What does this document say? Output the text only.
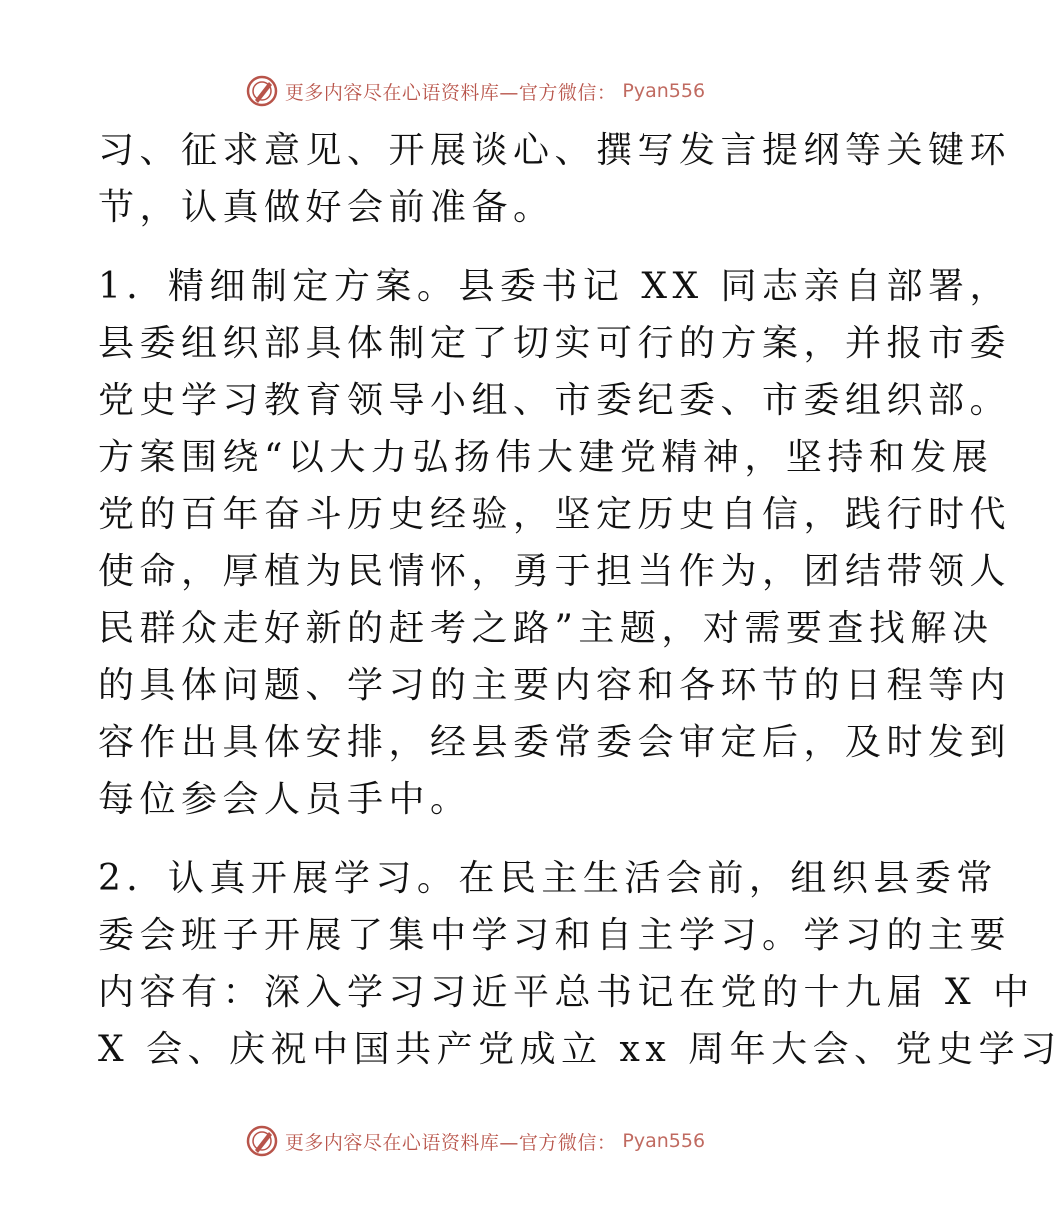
更多内容尽在心语资料库—官方微信： Pyan556
习、征求意见、开展谈心、撰写发言提纲等关键环
节，认真做好会前准备。
1．精细制定方案。县委书记 XX 同志亲自部署，
县委组织部具体制定了切实可行的方案，并报市委
党史学习教育领导小组、市委纪委、市委组织部。
方案围绕“以大力弘扬伟大建党精神，坚持和发展
党的百年奋斗历史经验，坚定历史自信，践行时代
使命，厚植为民情怀，勇于担当作为，团结带领人
民群众走好新的赶考之路”主题，对需要查找解决
的具体问题、学习的主要内容和各环节的日程等内
容作出具体安排，经县委常委会审定后，及时发到
每位参会人员手中。
2．认真开展学习。在民主生活会前，组织县委常
委会班子开展了集中学习和自主学习。学习的主要
内容有：深入学习习近平总书记在党的十九届 X 中
X 会、庆祝中国共产党成立 xx 周年大会、党史学习
更多内容尽在心语资料库—官方微信： Pyan556
